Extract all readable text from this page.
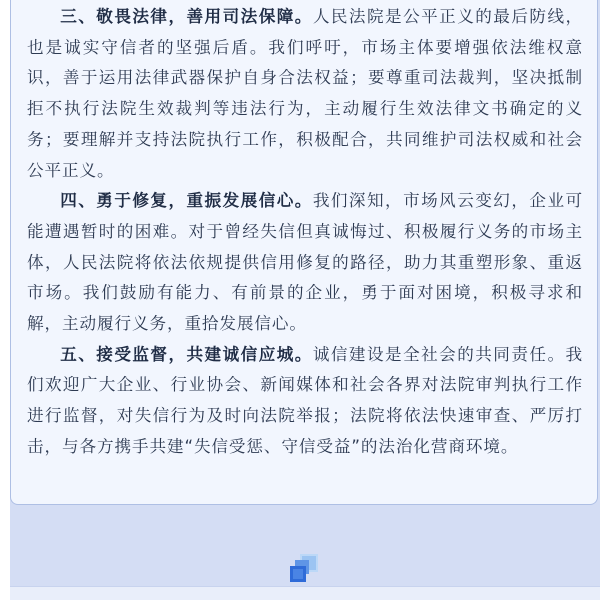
三、敬畏法律，善用司法保障。人民法院是公平正义的最后防线，也是诚实守信者的坚强后盾。我们呼吁，市场主体要增强依法维权意识，善于运用法律武器保护自身合法权益；要尊重司法裁判，坚决抵制拒不执行法院生效裁判等违法行为，主动履行生效法律文书确定的义务；要理解并支持法院执行工作，积极配合，共同维护司法权威和社会公平正义。

四、勇于修复，重振发展信心。我们深知，市场风云变幻，企业可能遭遇暂时的困难。对于曾经失信但真诚悔过、积极履行义务的市场主体，人民法院将依法依规提供信用修复的路径，助力其重塑形象、重返市场。我们鼓励有能力、有前景的企业，勇于面对困境，积极寻求和解，主动履行义务，重拾发展信心。

五、接受监督，共建诚信应城。诚信建设是全社会的共同责任。我们欢迎广大企业、行业协会、新闻媒体和社会各界对法院审判执行工作进行监督，对失信行为及时向法院举报；法院将依法快速审查、严厉打击，与各方携手共建“失信受惩、守信受益”的法治化营商环境。
